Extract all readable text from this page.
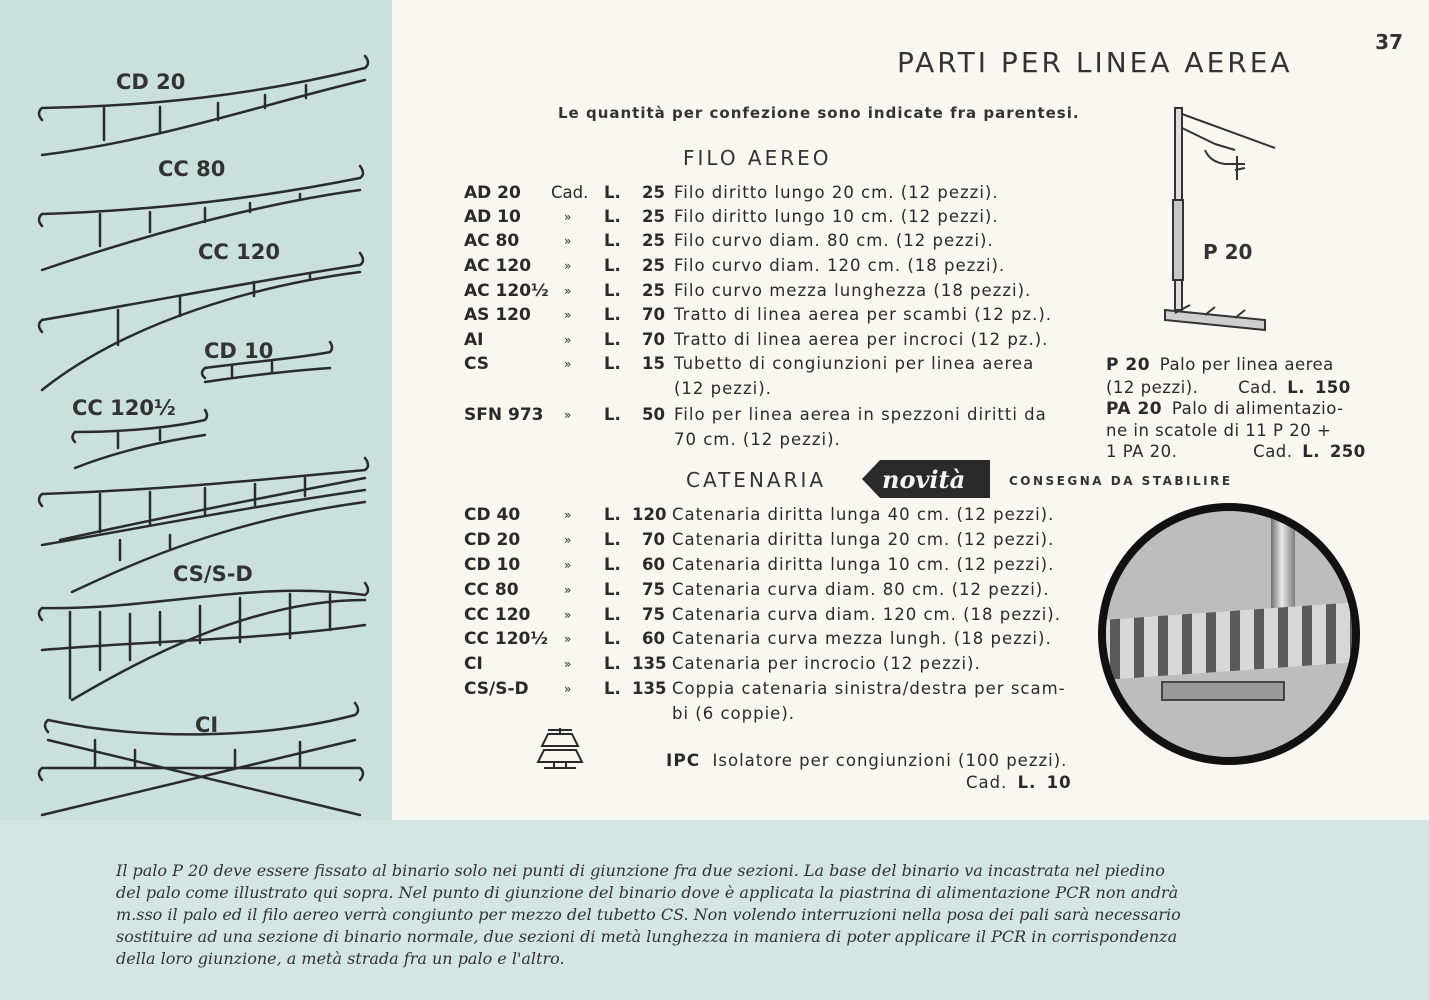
CD 20
CC 80
CC 120
CD 10
CC 120½
CS/S-D
CI
37
PARTI PER LINEA AEREA
Le quantità per confezione sono indicate fra parentesi.
FILO AEREO
AD 20 Cad. L. 25 Filo diritto lungo 20 cm. (12 pezzi).
AD 10	» L. 25 Filo diritto lungo 10 cm. (12 pezzi).
AC 80	» L. 25 Filo curvo diam. 80 cm. (12 pezzi).
AC 120	» L. 25 Filo curvo diam. 120 cm. (18 pezzi).
AC 120½ » L. 25 Filo curvo mezza lunghezza (18 pezzi).
AS 120	» L. 70 Tratto di linea aerea per scambi (12 pz.).
AI	» L. 70 Tratto di linea aerea per incroci (12 pz.).
CS	» L. 15 Tubetto di congiunzioni per linea aerea
(12 pezzi).
SFN 973 » L. 50 Filo per linea aerea in spezzoni diritti da
70 cm. (12 pezzi).
CATENARIA novità	CONSEGNA DA STABILIRE
CD 40	» L. 120 Catenaria diritta lunga 40 cm. (12 pezzi).
CD 20	» L. 70 Catenaria diritta lunga 20 cm. (12 pezzi).
CD 10	» L. 60 Catenaria diritta lunga 10 cm. (12 pezzi).
CC 80	» L. 75 Catenaria curva diam. 80 cm. (12 pezzi).
CC 120	» L. 75 Catenaria curva diam. 120 cm. (18 pezzi).
CC 120½ » L. 60 Catenaria curva mezza lungh. (18 pezzi).
CI	» L. 135 Catenaria per incrocio (12 pezzi).
CS/S-D	» L. 135 Coppia catenaria sinistra/destra per scam-
bi (6 coppie).
IPC Isolatore per congiunzioni (100 pezzi).
Cad. L. 10
P 20
P 20 Palo per linea aerea
(12 pezzi). Cad. L. 150
PA 20 Palo di alimentazio-
ne in scatole di 11 P 20 +
1 PA 20.	Cad. L. 250
Il palo P 20 deve essere fissato al binario solo nei punti di giunzione fra due sezioni. La base del binario va incastrata nel piedino
del palo come illustrato qui sopra. Nel punto di giunzione del binario dove è applicata la piastrina di alimentazione PCR non andrà
m.sso il palo ed il filo aereo verrà congiunto per mezzo del tubetto CS. Non volendo interruzioni nella posa dei pali sarà necessario
sostituire ad una sezione di binario normale, due sezioni di metà lunghezza in maniera di poter applicare il PCR in corrispondenza
della loro giunzione, a metà strada fra un palo e l'altro.
